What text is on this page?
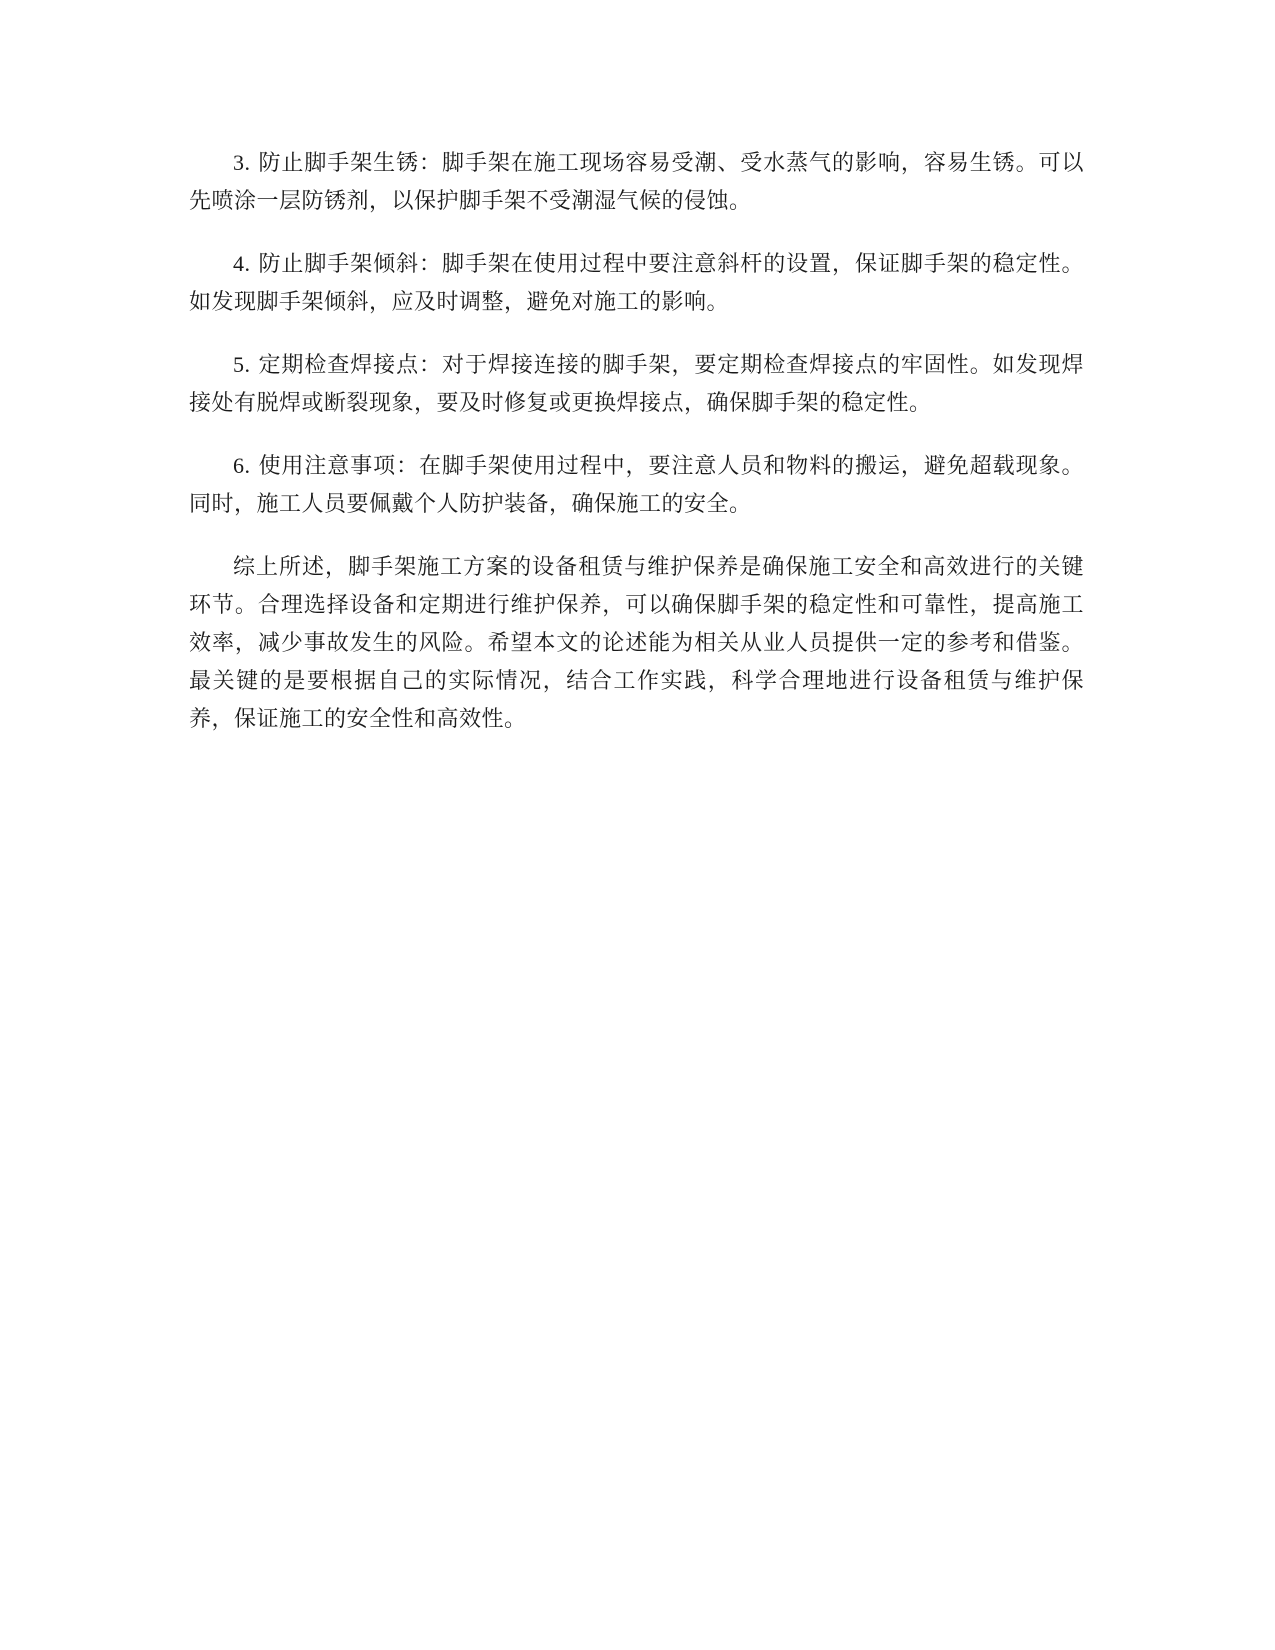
3. 防止脚手架生锈：脚手架在施工现场容易受潮、受水蒸气的影响，容易生锈。可以先喷涂一层防锈剂，以保护脚手架不受潮湿气候的侵蚀。

4. 防止脚手架倾斜：脚手架在使用过程中要注意斜杆的设置，保证脚手架的稳定性。如发现脚手架倾斜，应及时调整，避免对施工的影响。

5. 定期检查焊接点：对于焊接连接的脚手架，要定期检查焊接点的牢固性。如发现焊接处有脱焊或断裂现象，要及时修复或更换焊接点，确保脚手架的稳定性。

6. 使用注意事项：在脚手架使用过程中，要注意人员和物料的搬运，避免超载现象。同时，施工人员要佩戴个人防护装备，确保施工的安全。

综上所述，脚手架施工方案的设备租赁与维护保养是确保施工安全和高效进行的关键环节。合理选择设备和定期进行维护保养，可以确保脚手架的稳定性和可靠性，提高施工效率，减少事故发生的风险。希望本文的论述能为相关从业人员提供一定的参考和借鉴。最关键的是要根据自己的实际情况，结合工作实践，科学合理地进行设备租赁与维护保养，保证施工的安全性和高效性。
